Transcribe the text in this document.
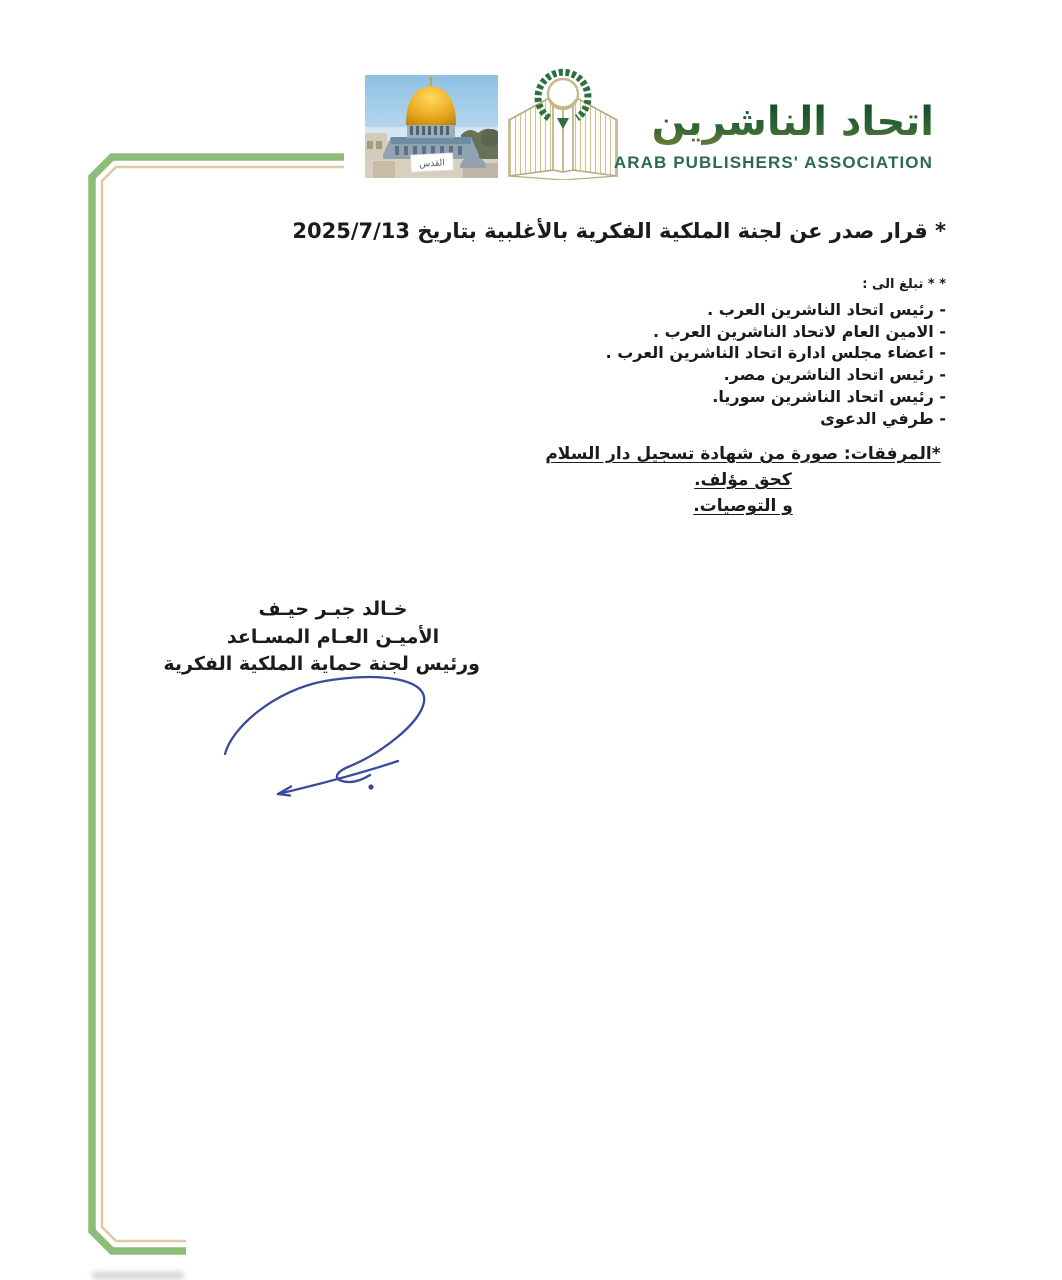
القدس
اتحاد الناشرين العرب
ARAB PUBLISHERS' ASSOCIATION
* قرار صدر عن لجنة الملكية الفكرية بالأغلبية بتاريخ 2025/7/13
* * تبلغ الى :
- رئيس اتحاد الناشرين العرب .
- الامين العام لاتحاد الناشرين العرب .
- اعضاء مجلس ادارة اتحاد الناشرين العرب .
- رئيس اتحاد الناشرين مصر.
- رئيس اتحاد الناشرين سوريا.
- طرفي الدعوى
*المرفقات: صورة من شهادة تسجيل دار السلام كحق مؤلف.
و التوصيات.
خـالد جبـر حيـف
الأميـن العـام المسـاعد
ورئيس لجنة حماية الملكية الفكرية
